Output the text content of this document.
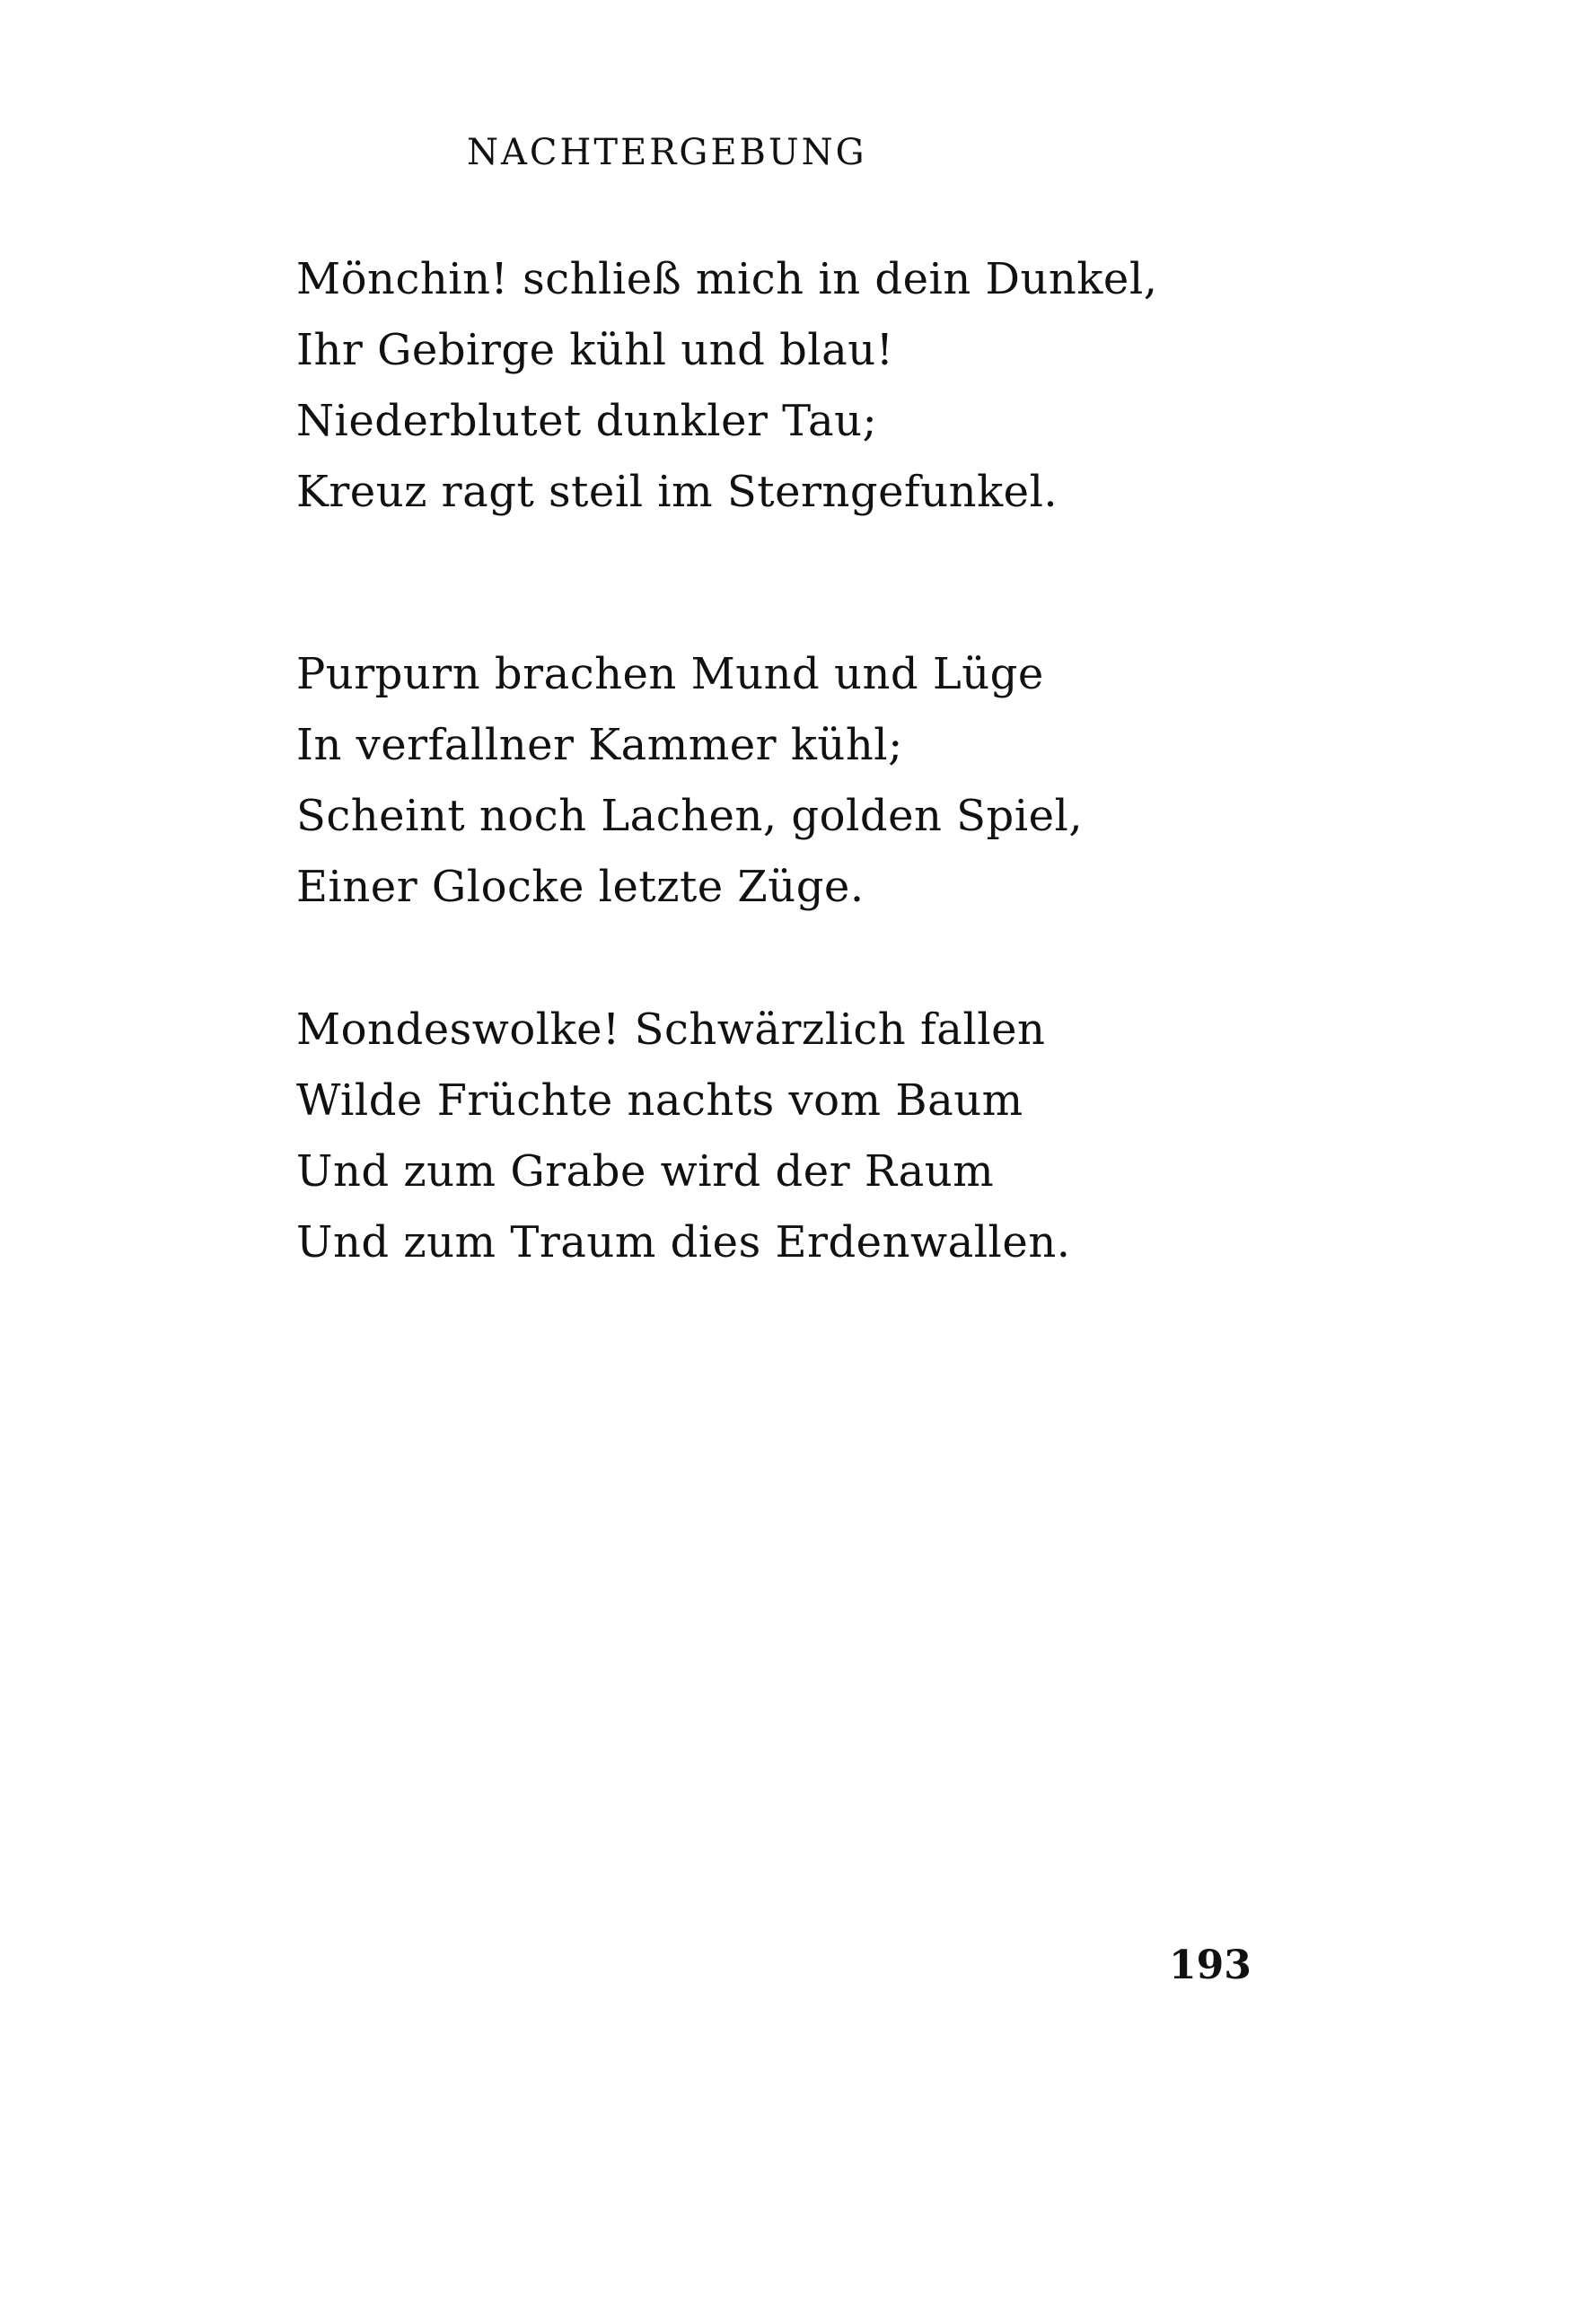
NACHTERGEBUNG
Mönchin! schließ mich in dein Dunkel,
Ihr Gebirge kühl und blau!
Niederblutet dunkler Tau;
Kreuz ragt steil im Sterngefunkel.
Purpurn brachen Mund und Lüge
In verfallner Kammer kühl;
Scheint noch Lachen, golden Spiel,
Einer Glocke letzte Züge.
Mondeswolke! Schwärzlich fallen
Wilde Früchte nachts vom Baum
Und zum Grabe wird der Raum
Und zum Traum dies Erdenwallen.
193
